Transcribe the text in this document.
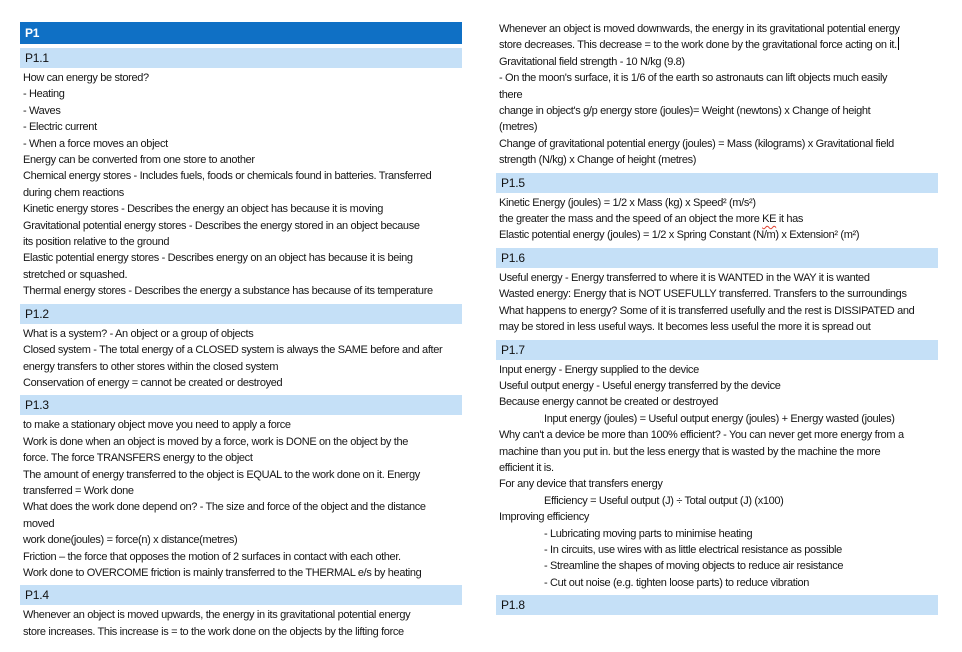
P1
P1.1
How can energy be stored?
- Heating
- Waves
- Electric current
- When a force moves an object
Energy can be converted from one store to another
Chemical energy stores - Includes fuels, foods or chemicals found in batteries. Transferred
during chem reactions
Kinetic energy stores - Describes the energy an object has because it is moving
Gravitational potential energy stores - Describes the energy stored in an object because
its position relative to the ground
Elastic potential energy stores - Describes energy on an object has because it is being
stretched or squashed.
Thermal energy stores - Describes the energy a substance has because of its temperature
P1.2
What is a system? - An object or a group of objects
Closed system - The total energy of a CLOSED system is always the SAME before and after
energy transfers to other stores within the closed system
Conservation of energy = cannot be created or destroyed
P1.3
to make a stationary object move you need to apply a force
Work is done when an object is moved by a force, work is DONE on the object by the
force. The force TRANSFERS energy to the object
The amount of energy transferred to the object is EQUAL to the work done on it. Energy
transferred = Work done
What does the work done depend on? - The size and force of the object and the distance
moved
work done(joules) = force(n) x distance(metres)
Friction – the force that opposes the motion of 2 surfaces in contact with each other.
Work done to OVERCOME friction is mainly transferred to the THERMAL e/s by heating
P1.4
Whenever an object is moved upwards, the energy in its gravitational potential energy
store increases. This increase is = to the work done on the objects by the lifting force
Whenever an object is moved downwards, the energy in its gravitational potential energy
store decreases. This decrease = to the work done by the gravitational force acting on it.
Gravitational field strength - 10 N/kg (9.8)
- On the moon's surface, it is 1/6 of the earth so astronauts can lift objects much easily
there
change in object's g/p energy store (joules)= Weight (newtons) x Change of height
(metres)
Change of gravitational potential energy (joules) = Mass (kilograms) x Gravitational field
strength (N/kg) x Change of height (metres)
P1.5
Kinetic Energy (joules) = 1/2 x Mass (kg) x Speed² (m/s²)
the greater the mass and the speed of an object the more KE it has
Elastic potential energy (joules) = 1/2 x Spring Constant (N/m) x Extension² (m²)
P1.6
Useful energy - Energy transferred to where it is WANTED in the WAY it is wanted
Wasted energy: Energy that is NOT USEFULLY transferred. Transfers to the surroundings
What happens to energy? Some of it is transferred usefully and the rest is DISSIPATED and
may be stored in less useful ways. It becomes less useful the more it is spread out
P1.7
Input energy - Energy supplied to the device
Useful output energy - Useful energy transferred by the device
Because energy cannot be created or destroyed
Input energy (joules) = Useful output energy (joules) + Energy wasted (joules)
Why can't a device be more than 100% efficient? - You can never get more energy from a
machine than you put in. but the less energy that is wasted by the machine the more
efficient it is.
For any device that transfers energy
Efficiency = Useful output (J) ÷ Total output (J) (x100)
Improving efficiency
- Lubricating moving parts to minimise heating
- In circuits, use wires with as little electrical resistance as possible
- Streamline the shapes of moving objects to reduce air resistance
- Cut out noise (e.g. tighten loose parts) to reduce vibration
P1.8
